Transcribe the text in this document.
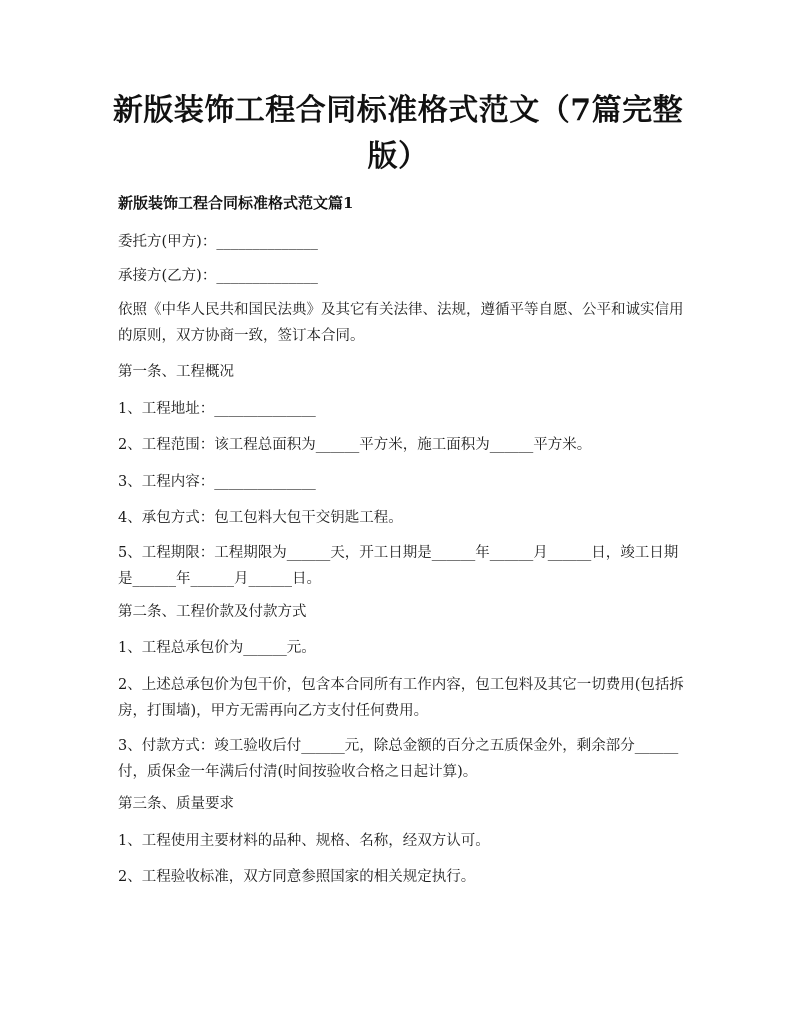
新版装饰工程合同标准格式范文（7篇完整版）
新版装饰工程合同标准格式范文篇1
委托方(甲方)：______________
承接方(乙方)：______________
依照《中华人民共和国民法典》及其它有关法律、法规，遵循平等自愿、公平和诚实信用的原则，双方协商一致，签订本合同。
第一条、工程概况
1、工程地址：______________
2、工程范围：该工程总面积为______平方米，施工面积为______平方米。
3、工程内容：______________
4、承包方式：包工包料大包干交钥匙工程。
5、工程期限：工程期限为______天，开工日期是______年______月______日，竣工日期是______年______月______日。
第二条、工程价款及付款方式
1、工程总承包价为______元。
2、上述总承包价为包干价，包含本合同所有工作内容，包工包料及其它一切费用(包括拆房，打围墙)，甲方无需再向乙方支付任何费用。
3、付款方式：竣工验收后付______元，除总金额的百分之五质保金外，剩余部分______付，质保金一年满后付清(时间按验收合格之日起计算)。
第三条、质量要求
1、工程使用主要材料的品种、规格、名称，经双方认可。
2、工程验收标准，双方同意参照国家的相关规定执行。
